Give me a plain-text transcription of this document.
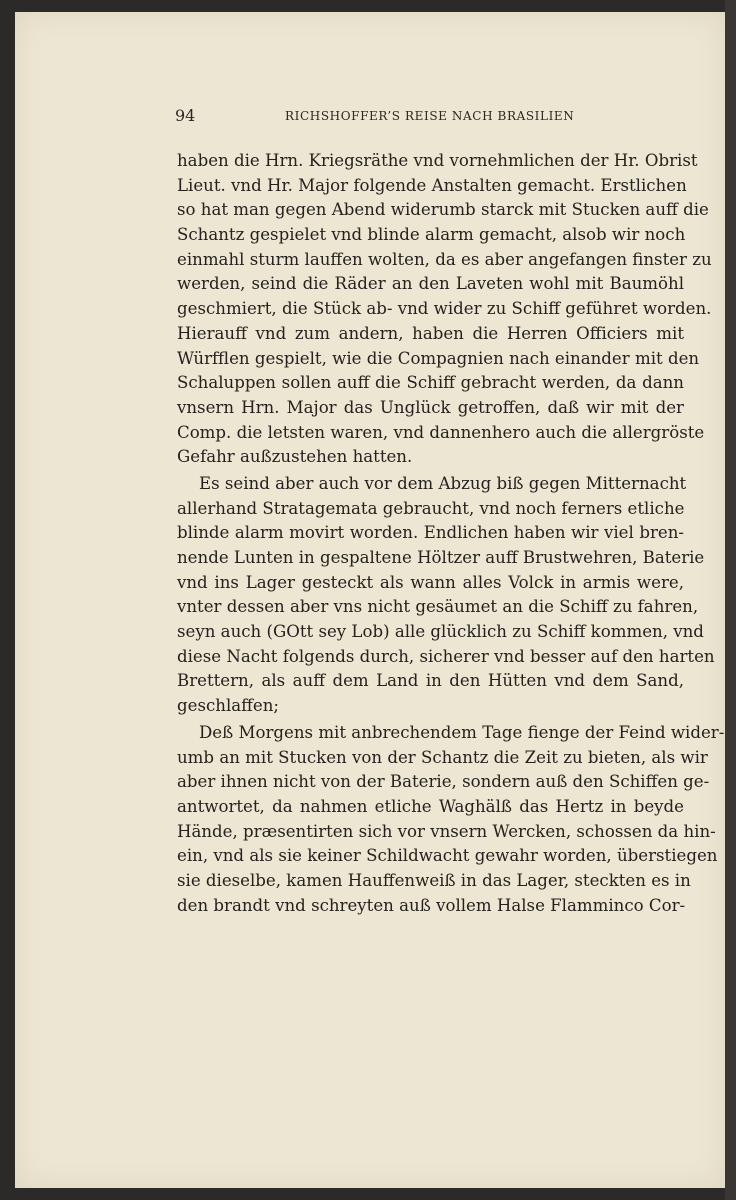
94	RICHSHOFFER’S REISE NACH BRASILIEN
haben die Hrn. Kriegsräthe vnd vornehmlichen der Hr. Obrist
Lieut. vnd Hr. Major folgende Anstalten gemacht. Erstlichen
so hat man gegen Abend widerumb starck mit Stucken auff die
Schantz gespielet vnd blinde alarm gemacht, alsob wir noch
einmahl sturm lauffen wolten, da es aber angefangen finster zu
werden, seind die Räder an den Laveten wohl mit Baumöhl
geschmiert, die Stück ab- vnd wider zu Schiff geführet worden.
Hierauff vnd zum andern, haben die Herren Officiers mit
Würfflen gespielt, wie die Compagnien nach einander mit den
Schaluppen sollen auff die Schiff gebracht werden, da dann
vnsern Hrn. Major das Unglück getroffen, daß wir mit der
Comp. die letsten waren, vnd dannenhero auch die allergröste
Gefahr außzustehen hatten.
Es seind aber auch vor dem Abzug biß gegen Mitternacht
allerhand Stratagemata gebraucht, vnd noch ferners etliche
blinde alarm movirt worden. Endlichen haben wir viel bren-
nende Lunten in gespaltene Höltzer auff Brustwehren, Baterie
vnd ins Lager gesteckt als wann alles Volck in armis were,
vnter dessen aber vns nicht gesäumet an die Schiff zu fahren,
seyn auch (GOtt sey Lob) alle glücklich zu Schiff kommen, vnd
diese Nacht folgends durch, sicherer vnd besser auf den harten
Brettern, als auff dem Land in den Hütten vnd dem Sand,
geschlaffen;
Deß Morgens mit anbrechendem Tage fienge der Feind wider-
umb an mit Stucken von der Schantz die Zeit zu bieten, als wir
aber ihnen nicht von der Baterie, sondern auß den Schiffen ge-
antwortet, da nahmen etliche Waghälß das Hertz in beyde
Hände, præsentirten sich vor vnsern Wercken, schossen da hin-
ein, vnd als sie keiner Schildwacht gewahr worden, überstiegen
sie dieselbe, kamen Hauffenweiß in das Lager, steckten es in
den brandt vnd schreyten auß vollem Halse Flamminco Cor-
